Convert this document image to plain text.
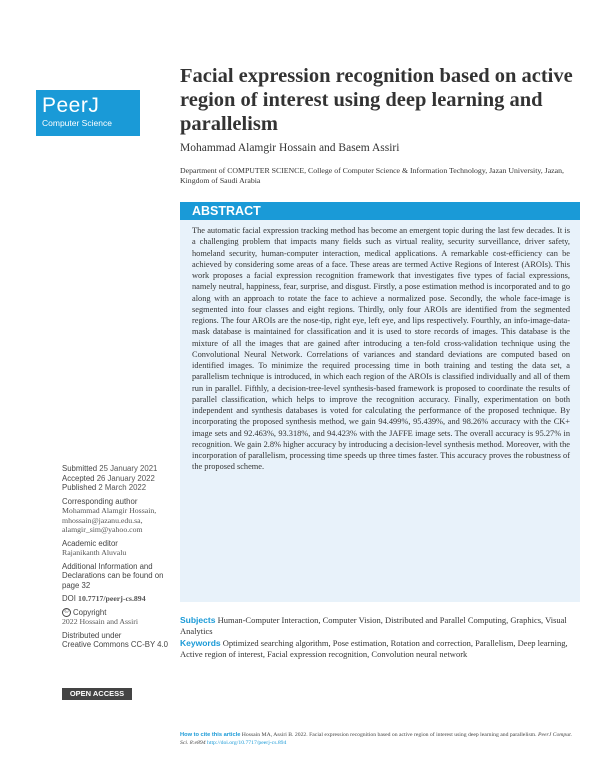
PeerJ
Computer Science
Facial expression recognition based on active region of interest using deep learning and parallelism
Mohammad Alamgir Hossain and Basem Assiri
Department of COMPUTER SCIENCE, College of Computer Science & Information Technology, Jazan University, Jazan, Kingdom of Saudi Arabia
ABSTRACT

The automatic facial expression tracking method has become an emergent topic during the last few decades. It is a challenging problem that impacts many fields such as virtual reality, security surveillance, driver safety, homeland security, human-computer interaction, medical applications. A remarkable cost-efficiency can be achieved by considering some areas of a face. These areas are termed Active Regions of Interest (AROIs). This work proposes a facial expression recognition framework that investigates five types of facial expressions, namely neutral, happiness, fear, surprise, and disgust. Firstly, a pose estimation method is incorporated and to go along with an approach to rotate the face to achieve a normalized pose. Secondly, the whole face-image is segmented into four classes and eight regions. Thirdly, only four AROIs are identified from the segmented regions. The four AROIs are the nose-tip, right eye, left eye, and lips respectively. Fourthly, an info-image-data-mask database is maintained for classification and it is used to store records of images. This database is the mixture of all the images that are gained after introducing a ten-fold cross-validation technique using the Convolutional Neural Network. Correlations of variances and standard deviations are computed based on identified images. To minimize the required processing time in both training and testing the data set, a parallelism technique is introduced, in which each region of the AROIs is classified individually and all of them run in parallel. Fifthly, a decision-tree-level synthesis-based framework is proposed to coordinate the results of parallel classification, which helps to improve the recognition accuracy. Finally, experimentation on both independent and synthesis databases is voted for calculating the performance of the proposed technique. By incorporating the proposed synthesis method, we gain 94.499%, 95.439%, and 98.26% accuracy with the CK+ image sets and 92.463%, 93.318%, and 94.423% with the JAFFE image sets. The overall accuracy is 95.27% in recognition. We gain 2.8% higher accuracy by introducing a decision-level synthesis method. Moreover, with the incorporation of parallelism, processing time speeds up three times faster. This accuracy proves the robustness of the proposed scheme.

Subjects Human-Computer Interaction, Computer Vision, Distributed and Parallel Computing, Graphics, Visual Analytics
Keywords Optimized searching algorithm, Pose estimation, Rotation and correction, Parallelism, Deep learning, Active region of interest, Facial expression recognition, Convolution neural network
Submitted 25 January 2021
Accepted 26 January 2022
Published 2 March 2022
Corresponding author
Mohammad Alamgir Hossain,
mhossain@jazanu.edu.sa,
alamgir_sim@yahoo.com
Academic editor
Rajanikanth Aluvalu
Additional Information and Declarations can be found on page 32
DOI 10.7717/peerj-cs.894
© Copyright
2022 Hossain and Assiri
Distributed under
Creative Commons CC-BY 4.0
OPEN ACCESS
How to cite this article Hossain MA, Assiri B. 2022. Facial expression recognition based on active region of interest using deep learning and parallelism. PeerJ Comput. Sci. 8:e894 http://doi.org/10.7717/peerj-cs.894
